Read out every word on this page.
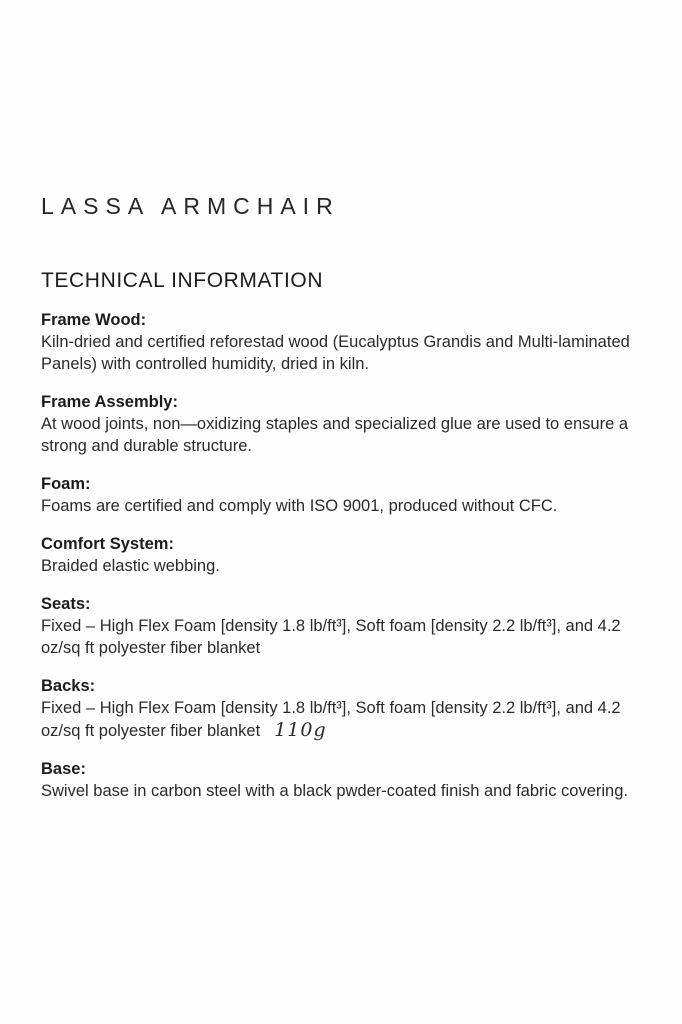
LASSA ARMCHAIR
TECHNICAL INFORMATION
Frame Wood:

Kiln-dried and certified reforestad wood (Eucalyptus Grandis and Multi-laminated Panels) with controlled humidity, dried in kiln.

Frame Assembly:

At wood joints, non—oxidizing staples and specialized glue are used to ensure a strong and durable structure.

Foam:

Foams are certified and comply with ISO 9001, produced without CFC.

Comfort System:

Braided elastic webbing.

Seats:

Fixed – High Flex Foam [density 1.8 lb/ft³], Soft foam [density 2.2 lb/ft³], and 4.2 oz/sq ft polyester fiber blanket

Backs:

Fixed – High Flex Foam [density 1.8 lb/ft³], Soft foam [density 2.2 lb/ft³], and 4.2 oz/sq ft polyester fiber blanket 110g

Base:

Swivel base in carbon steel with a black pwder-coated finish and fabric covering.
